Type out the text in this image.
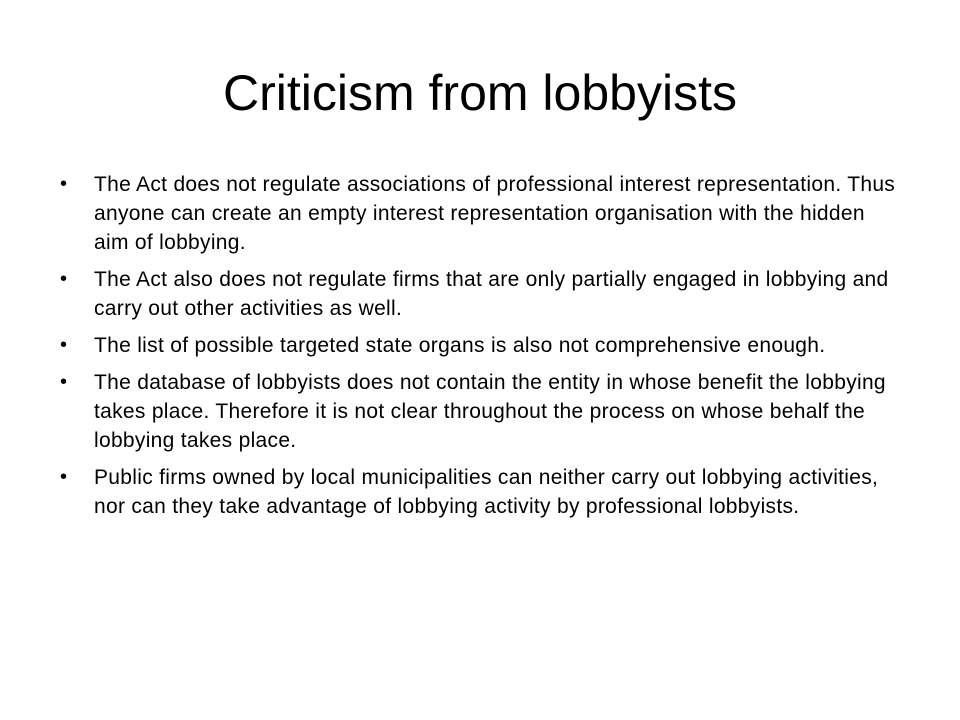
Criticism from lobbyists
• The Act does not regulate associations of professional interest representation. Thus anyone can create an empty interest representation organisation with the hidden aim of lobbying.
• The Act also does not regulate firms that are only partially engaged in lobbying and carry out other activities as well.
• The list of possible targeted state organs is also not comprehensive enough.
• The database of lobbyists does not contain the entity in whose benefit the lobbying takes place. Therefore it is not clear throughout the process on whose behalf the lobbying takes place.
• Public firms owned by local municipalities can neither carry out lobbying activities, nor can they take advantage of lobbying activity by professional lobbyists.
